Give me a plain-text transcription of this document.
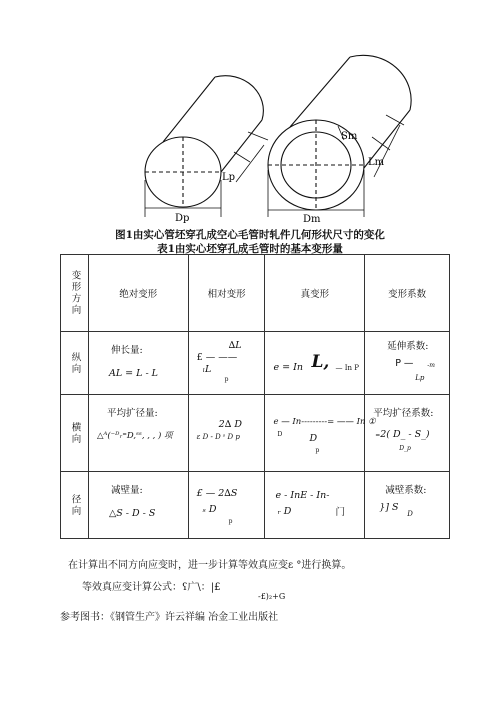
Lp
Dp
Sm
Lm
Dm
图1由实心管坯穿孔成空心毛管时轧件几何形状尺寸的变化
表1由实心坯穿孔成毛管时的基本变形量
变形方向	绝对变形	相对变形	真变形	变形系数

纵向	伸长量:
AL = L - L	£ — ——
∆L
ₗL
p	e = In L, — In P	延伸系数:
P — -m
Lp

横向	平均扩径量:
△ᴬ(⁻ᴰᵣ⁼D,ˢˢ, , , ) 项	2∆ D
ε D - D ˢ D p	e — In---------= —— In ①
D D
p	平均扩径系数:
₌2( D_ - S_)
D_p

径向	减壁量:
△S - D - S	£ — 2∆S
ₛ D
p	e - InE - In-
ᵣ D 门	减壁系数:
}] S
D
在计算出不同方向应变时，进一步计算等效真应变ε °进行换算。
等效真应变计算公式：ʕ广\：|£
-£)₂+G
参考图书：《钢管生产》许云祥编 冶金工业出版社
